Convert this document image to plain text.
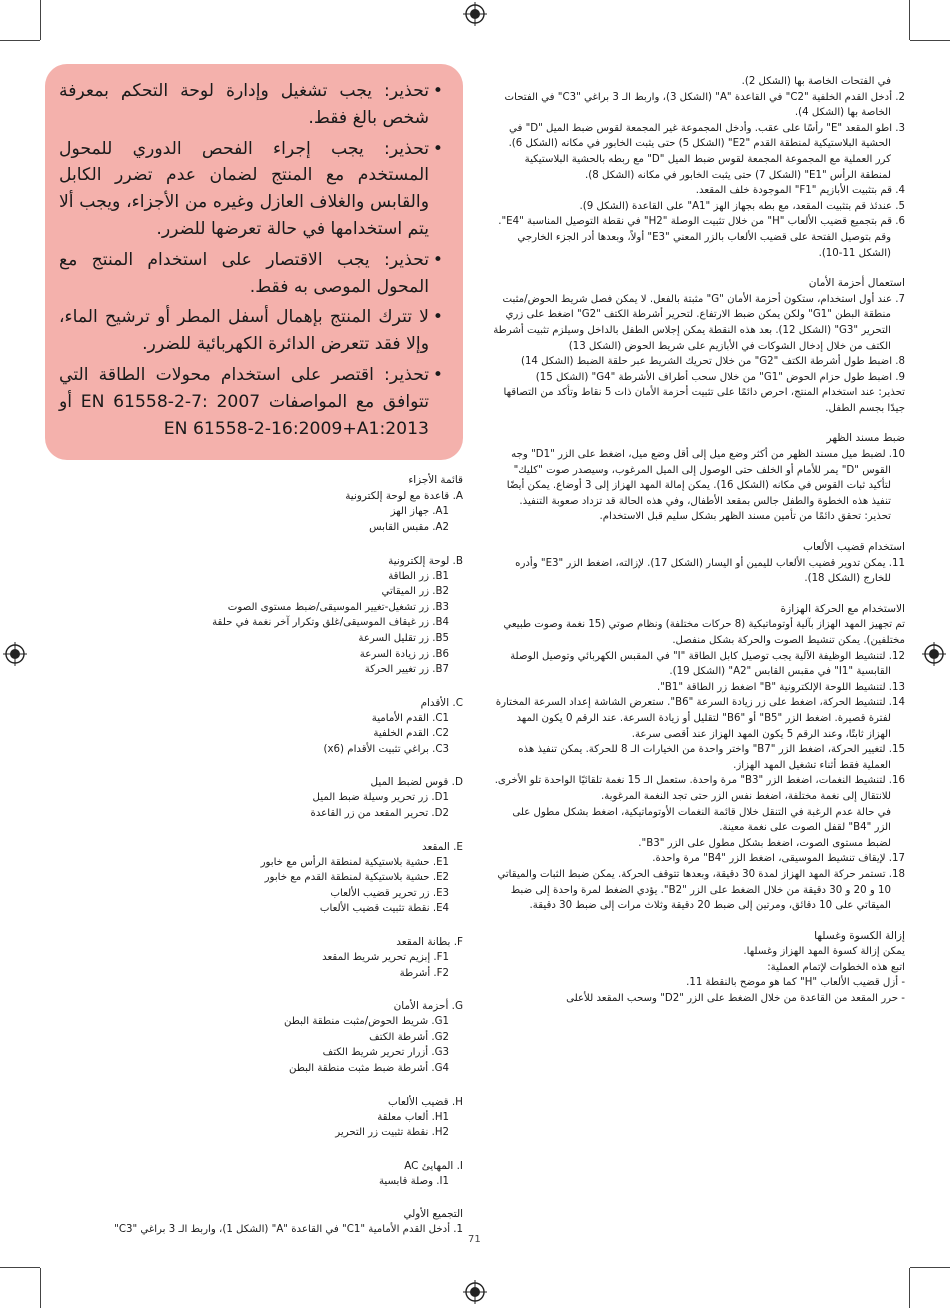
في الفتحات الخاصة بها (الشكل 2).

2. أدخل القدم الخلفية "C2" في القاعدة "A" (الشكل 3)، واربط الـ 3 براغي "C3" في الفتحات الخاصة بها (الشكل 4).

3. اطو المقعد "E" رأسًا على عقب. وأدخل المجموعة غير المجمعة لقوس ضبط الميل "D" في الحشية البلاستيكية لمنطقة القدم "E2" (الشكل 5) حتى يثبت الخابور في مكانه (الشكل 6). كرر العملية مع المجموعة المجمعة لقوس ضبط الميل "D" مع ربطه بالحشية البلاستيكية لمنطقة الرأس "E1" (الشكل 7) حتى يثبت الخابور في مكانه (الشكل 8).

4. قم بتثبيت الأبازيم "F1" الموجودة خلف المقعد.

5. عندئذ قم بتثبيت المقعد، مع بطه بجهاز الهز "A1" على القاعدة (الشكل 9).

6. قم بتجميع قضيب الألعاب "H" من خلال تثبيت الوصلة "H2" في نقطة التوصيل المناسبة "E4". وقم بتوصيل الفتحة على قضيب الألعاب بالزر المعني "E3" أولاً، وبعدها أدر الجزء الخارجي (الشكل 11-10).

استعمال أحزمة الأمان

7. عند أول استخدام، ستكون أحزمة الأمان "G" مثبتة بالفعل. لا يمكن فصل شريط الحوض/مثبت منطقة البطن "G1" ولكن يمكن ضبط الارتفاع. لتحرير أشرطة الكتف "G2" اضغط على زري التحرير "G3" (الشكل 12). بعد هذه النقطة يمكن إجلاس الطفل بالداخل وسيلزم تثبيت أشرطة الكتف من خلال إدخال الشوكات في الأبازيم على شريط الحوض (الشكل 13)

8. اضبط طول أشرطة الكتف "G2" من خلال تحريك الشريط عبر حلقة الضبط (الشكل 14)

9. اضبط طول حزام الحوض "G1" من خلال سحب أطراف الأشرطة "G4" (الشكل 15)

تحذير: عند استخدام المنتج، احرص دائمًا على تثبيت أحزمة الأمان ذات 5 نقاط وتأكد من التصاقها جيدًا بجسم الطفل.

ضبط مسند الظهر

10. لضبط ميل مسند الظهر من أكثر وضع ميل إلى أقل وضع ميل، اضغط على الزر "D1" وجه القوس "D" يمر للأمام أو الخلف حتى الوصول إلى الميل المرغوب، وسيصدر صوت "كليك" لتأكيد ثبات القوس في مكانه (الشكل 16). يمكن إمالة المهد الهزاز إلى 3 أوضاع. يمكن أيضًا تنفيذ هذه الخطوة والطفل جالس بمقعد الأطفال، وفي هذه الحالة قد تزداد صعوبة التنفيذ.

تحذير: تحقق دائمًا من تأمين مسند الظهر بشكل سليم قبل الاستخدام.

استخدام قضيب الألعاب

11. يمكن تدوير قضيب الألعاب لليمين أو اليسار (الشكل 17). لإزالته، اضغط الزر "E3" وأدره للخارج (الشكل 18).

الاستخدام مع الحركة الهزازة

تم تجهيز المهد الهزاز بآلية أوتوماتيكية (8 حركات مختلفة) ونظام صوتي (15 نغمة وصوت طبيعي مختلفين). يمكن تنشيط الصوت والحركة بشكل منفصل.

12. لتنشيط الوظيفة الآلية يجب توصيل كابل الطاقة "I" في المقبس الكهربائي وتوصيل الوصلة القابسية "I1" في مقبس القابس "A2" (الشكل 19).

13. لتنشيط اللوحة الإلكترونية "B" اضغط زر الطاقة "B1".

14. لتنشيط الحركة، اضغط على زر زيادة السرعة "B6". ستعرض الشاشة إعداد السرعة المختارة لفترة قصيرة. اضغط الزر "B5" أو "B6" لتقليل أو زيادة السرعة. عند الرقم 0 يكون المهد الهزاز ثابتًا، وعند الرقم 5 يكون المهد الهزاز عند أقصى سرعة.

15. لتغيير الحركة، اضغط الزر "B7" واختر واحدة من الخيارات الـ 8 للحركة. يمكن تنفيذ هذه العملية فقط أثناء تشغيل المهد الهزاز.

16. لتنشيط النغمات، اضغط الزر "B3" مرة واحدة. ستعمل الـ 15 نغمة تلقائيًا الواحدة تلو الأخرى.

للانتقال إلى نغمة مختلفة، اضغط نفس الزر حتى تجد النغمة المرغوبة.

في حالة عدم الرغبة في التنقل خلال قائمة النغمات الأوتوماتيكية، اضغط بشكل مطول على الزر "B4" لقفل الصوت على نغمة معينة.

لضبط مستوى الصوت، اضغط بشكل مطول على الزر "B3".

17. لإيقاف تنشيط الموسيقى، اضغط الزر "B4" مرة واحدة.

18. تستمر حركة المهد الهزاز لمدة 30 دقيقة، وبعدها تتوقف الحركة. يمكن ضبط الثبات والميقاتي 10 و 20 و 30 دقيقة من خلال الضغط على الزر "B2". يؤدي الضغط لمرة واحدة إلى ضبط الميقاتي على 10 دقائق، ومرتين إلى ضبط 20 دقيقة وثلاث مرات إلى ضبط 30 دقيقة.

إزالة الكسوة وغسلها

يمكن إزالة كسوة المهد الهزاز وغسلها.

اتبع هذه الخطوات لإتمام العملية:

- أزل قضيب الألعاب "H" كما هو موضح بالنقطة 11.

- حرر المقعد من القاعدة من خلال الضغط على الزر "D2" وسحب المقعد للأعلى

• تحذير: يجب تشغيل وإدارة لوحة التحكم بمعرفة شخص بالغ فقط.
• تحذير: يجب إجراء الفحص الدوري للمحول المستخدم مع المنتج لضمان عدم تضرر الكابل والقابس والغلاف العازل وغيره من الأجزاء، ويجب ألا يتم استخدامها في حالة تعرضها للضرر.
• تحذير: يجب الاقتصار على استخدام المنتج مع المحول الموصى به فقط.
• لا تترك المنتج بإهمال أسفل المطر أو ترشيح الماء، وإلا فقد تتعرض الدائرة الكهربائية للضرر.
• تحذير: اقتصر على استخدام محولات الطاقة التي تتوافق مع المواصفات EN 61558-2-7: 2007 أو EN 61558-2-16:2009+A1:2013

قائمة الأجزاء

A. قاعدة مع لوحة إلكترونية

A1. جهاز الهز

A2. مقبس القابس

B. لوحة إلكترونية

B1. زر الطاقة

B2. زر الميقاتي

B3. زر تشغيل-تغيير الموسيقى/ضبط مستوى الصوت

B4. زر غيقاف الموسيقى/غلق وتكرار آخر نغمة في حلقة

B5. زر تقليل السرعة

B6. زر زيادة السرعة

B7. زر تغيير الحركة

C. الأقدام

C1. القدم الأمامية

C2. القدم الخلفية

C3. براغي تثبيت الأقدام (x6)

D. قوس لضبط الميل

D1. زر تحرير وسيلة ضبط الميل

D2. تحرير المقعد من زر القاعدة

E. المقعد

E1. حشية بلاستيكية لمنطقة الرأس مع خابور

E2. حشية بلاستيكية لمنطقة القدم مع خابور

E3. زر تحرير قضيب الألعاب

E4. نقطة تثبيت قضيب الألعاب

F. بطانة المقعد

F1. إبزيم تحرير شريط المقعد

F2. أشرطة

G. أحزمة الأمان

G1. شريط الحوض/مثبت منطقة البطن

G2. أشرطة الكتف

G3. أزرار تحرير شريط الكتف

G4. أشرطة ضبط مثبت منطقة البطن

H. قضيب الألعاب

H1. ألعاب معلقة

H2. نقطة تثبيت زر التحرير

I. المهايئ AC

I1. وصلة قابسية

التجميع الأولي

1. أدخل القدم الأمامية "C1" في القاعدة "A" (الشكل 1)، واربط الـ 3 براغي "C3"

71
